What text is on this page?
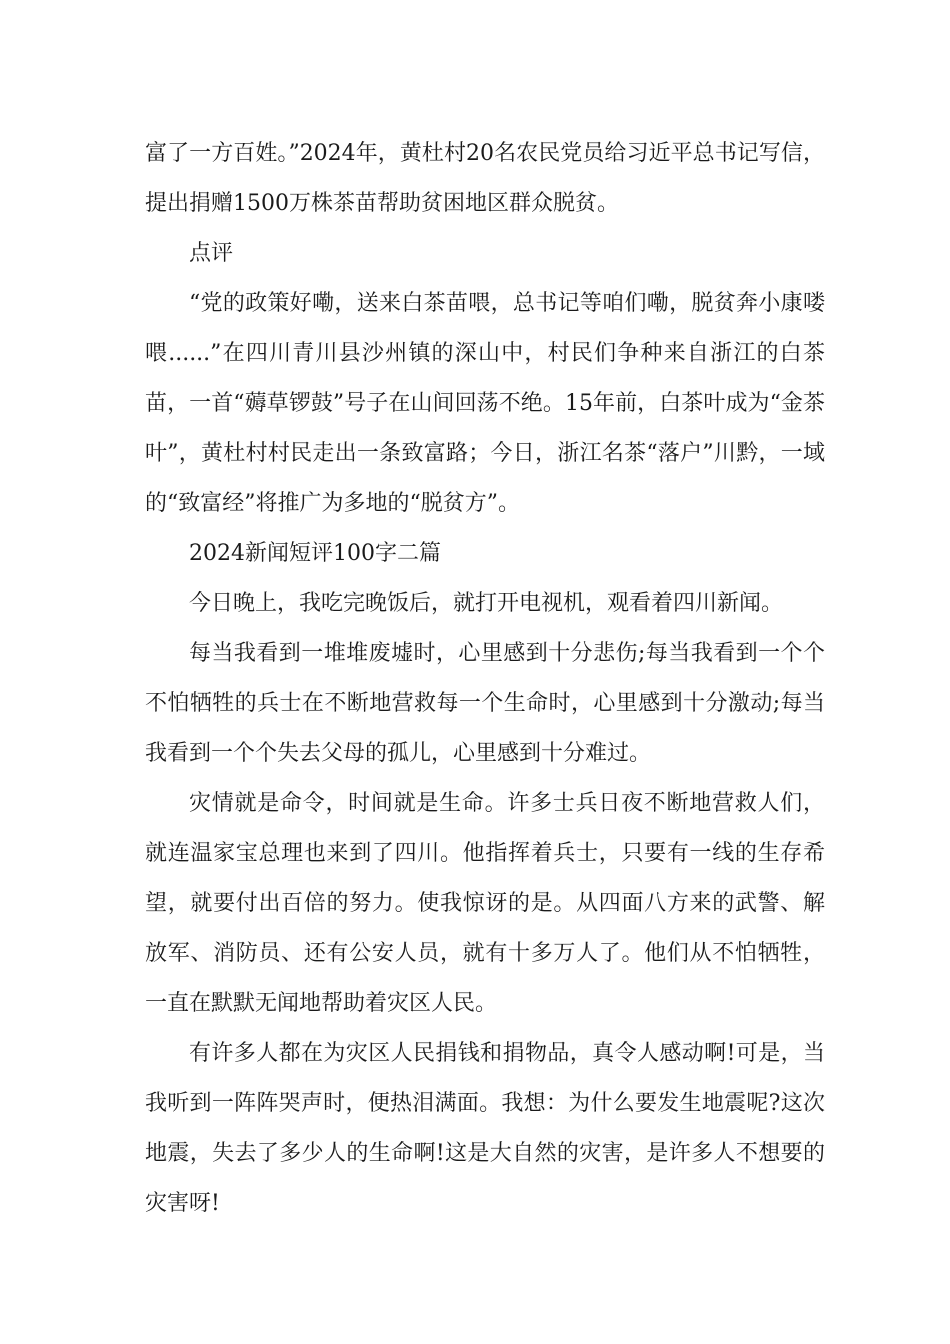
富了一方百姓。”2024年，黄杜村20名农民党员给习近平总书记写信，提出捐赠1500万株茶苗帮助贫困地区群众脱贫。

点评

“党的政策好嘞，送来白茶苗喂，总书记等咱们嘞，脱贫奔小康喽喂......”在四川青川县沙州镇的深山中，村民们争种来自浙江的白茶苗，一首“薅草锣鼓”号子在山间回荡不绝。15年前，白茶叶成为“金茶叶”，黄杜村村民走出一条致富路；今日，浙江名茶“落户”川黔，一域的“致富经”将推广为多地的“脱贫方”。

2024新闻短评100字二篇

今日晚上，我吃完晚饭后，就打开电视机，观看着四川新闻。

每当我看到一堆堆废墟时，心里感到十分悲伤;每当我看到一个个不怕牺牲的兵士在不断地营救每一个生命时，心里感到十分激动;每当我看到一个个失去父母的孤儿，心里感到十分难过。

灾情就是命令，时间就是生命。许多士兵日夜不断地营救人们，就连温家宝总理也来到了四川。他指挥着兵士，只要有一线的生存希望，就要付出百倍的努力。使我惊讶的是。从四面八方来的武警、解放军、消防员、还有公安人员，就有十多万人了。他们从不怕牺牲，一直在默默无闻地帮助着灾区人民。

有许多人都在为灾区人民捐钱和捐物品，真令人感动啊!可是，当我听到一阵阵哭声时，便热泪满面。我想：为什么要发生地震呢?这次地震，失去了多少人的生命啊!这是大自然的灾害，是许多人不想要的灾害呀!
